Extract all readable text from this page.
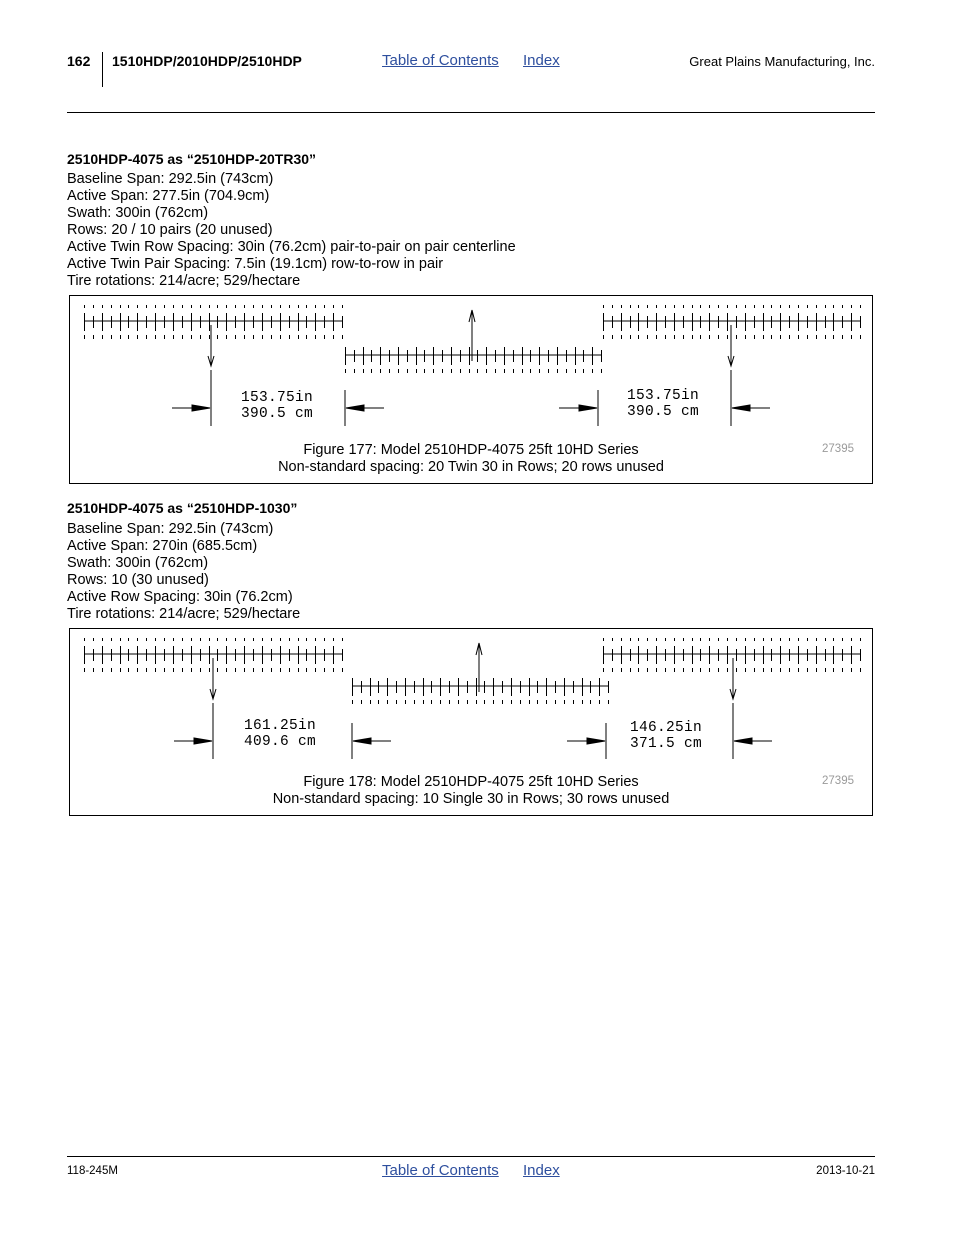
162 1510HDP/2010HDP/2510HDP	Table of Contents Index	Great Plains Manufacturing, Inc.
2510HDP-4075 as “2510HDP-20TR30”
Baseline Span: 292.5in (743cm)
Active Span: 277.5in (704.9cm)
Swath: 300in (762cm)
Rows: 20 / 10 pairs (20 unused)
Active Twin Row Spacing: 30in (76.2cm) pair-to-pair on pair centerline
Active Twin Pair Spacing: 7.5in (19.1cm) row-to-row in pair
Tire rotations: 214/acre; 529/hectare
153.75in
390.5 cm
153.75in
390.5 cm
Figure 177: Model 2510HDP-4075 25ft 10HD Series
Non-standard spacing: 20 Twin 30 in Rows; 20 rows unused
27395
2510HDP-4075 as “2510HDP-1030”
Baseline Span: 292.5in (743cm)
Active Span: 270in (685.5cm)
Swath: 300in (762cm)
Rows: 10 (30 unused)
Active Row Spacing: 30in (76.2cm)
Tire rotations: 214/acre; 529/hectare
161.25in
409.6 cm
146.25in
371.5 cm
Figure 178: Model 2510HDP-4075 25ft 10HD Series
Non-standard spacing: 10 Single 30 in Rows; 30 rows unused
27395
118-245M	Table of Contents Index	2013-10-21
